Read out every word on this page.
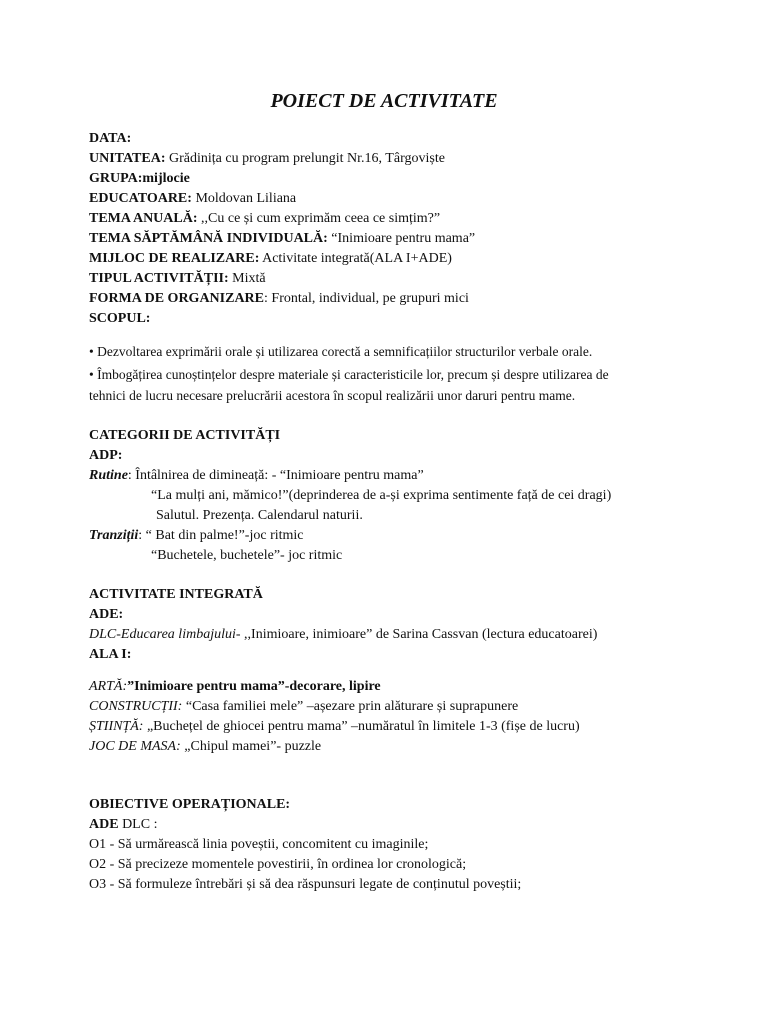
POIECT DE ACTIVITATE
DATA:
UNITATEA: Grădinița cu program prelungit Nr.16, Târgoviște
GRUPA:mijlocie
EDUCATOARE: Moldovan Liliana
TEMA ANUALĂ: ,,Cu ce și cum exprimăm ceea ce simțim?”
TEMA SĂPTĂMÂNĂ INDIVIDUALĂ: “Inimioare pentru mama”
MIJLOC DE REALIZARE: Activitate integrată(ALA I+ADE)
TIPUL ACTIVITĂȚII: Mixtă
FORMA DE ORGANIZARE: Frontal, individual, pe grupuri mici
SCOPUL:
• Dezvoltarea exprimării orale și utilizarea corectă a semnificațiilor structurilor verbale orale.
• Îmbogățirea cunoștințelor despre materiale și caracteristicile lor, precum și despre utilizarea de
tehnici de lucru necesare prelucrării acestora în scopul realizării unor daruri pentru mame.
CATEGORII DE ACTIVITĂȚI
ADP:
Rutine: Întâlnirea de dimineață: - “Inimioare pentru mama”
“La mulți ani, mămico!”(deprinderea de a-și exprima sentimente față de cei dragi)
Salutul. Prezența. Calendarul naturii.
Tranziții: “ Bat din palme!”-joc ritmic
“Buchetele, buchetele”- joc ritmic
ACTIVITATE INTEGRATĂ
ADE:
DLC-Educarea limbajului- ,,Inimioare, inimioare” de Sarina Cassvan (lectura educatoarei)
ALA I:
ARTĂ:”Inimioare pentru mama”-decorare, lipire
CONSTRUCȚII: “Casa familiei mele” –așezare prin alăturare și suprapunere
ȘTIINȚĂ: „Buchețel de ghiocei pentru mama” –număratul în limitele 1-3 (fișe de lucru)
JOC DE MASA: „Chipul mamei”- puzzle
OBIECTIVE OPERAȚIONALE:
ADE DLC :
O1 - Să urmărească linia poveștii, concomitent cu imaginile;
O2 - Să precizeze momentele povestirii, în ordinea lor cronologică;
O3 - Să formuleze întrebări și să dea răspunsuri legate de conținutul poveștii;
